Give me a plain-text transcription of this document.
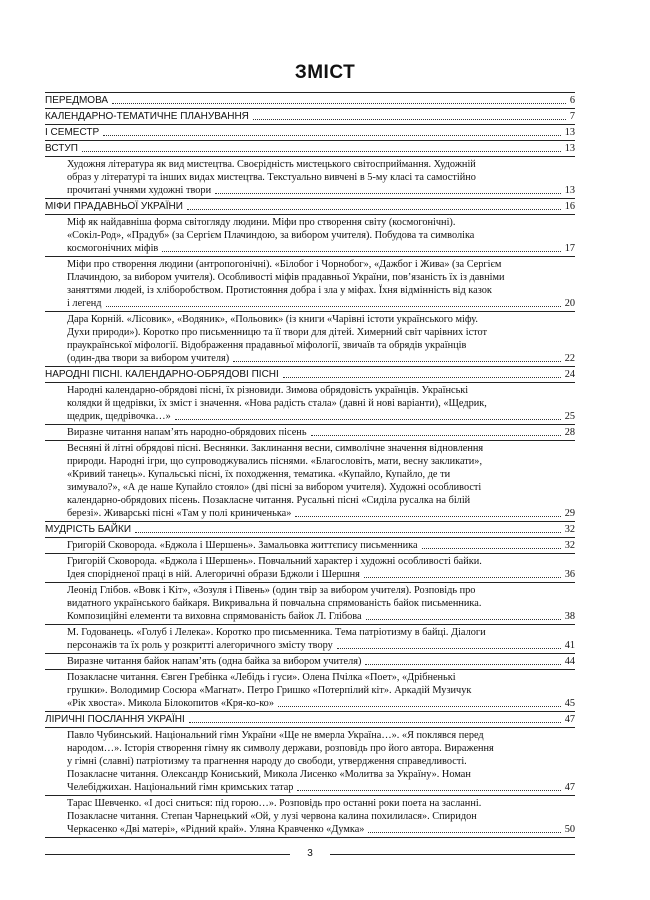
ЗМІСТ
ПЕРЕДМОВА	6
КАЛЕНДАРНО-ТЕМАТИЧНЕ ПЛАНУВАННЯ	7
І СЕМЕСТР	13
ВСТУП	13
Художня література як вид мистецтва. Своєрідність мистецького світосприймання. Художній
образ у літературі та інших видах мистецтва. Текстуально вивчені в 5-му класі та самостійно
прочитані учнями художні твори	13
МІФИ ПРАДАВНЬОЇ УКРАЇНИ	16
Міф як найдавніша форма світогляду людини. Міфи про створення світу (космогонічні).
«Сокіл-Род», «Прадуб» (за Сергієм Плачиндою, за вибором учителя). Побудова та символіка
космогонічних міфів	17
Міфи про створення людини (антропогонічні). «Білобог і Чорнобог», «Дажбог і Жива» (за Сергієм
Плачиндою, за вибором учителя). Особливості міфів прадавньої України, пов’язаність їх із давніми
заняттями людей, із хліборобством. Протистояння добра і зла у міфах. Їхня відмінність від казок
і легенд	20
Дара Корній. «Лісовик», «Водяник», «Польовик» (із книги «Чарівні істоти українського міфу.
Духи природи»). Коротко про письменницю та її твори для дітей. Химерний світ чарівних істот
праукраїнської міфології. Відображення прадавньої міфології, звичаїв та обрядів українців
(один-два твори за вибором учителя)	22
НАРОДНІ ПІСНІ. КАЛЕНДАРНО-ОБРЯДОВІ ПІСНІ	24
Народні календарно-обрядові пісні, їх різновиди. Зимова обрядовість українців. Українські
колядки й щедрівки, їх зміст і значення. «Нова радість стала» (давні й нові варіанти), «Щедрик,
щедрик, щедрівочка…»	25
Виразне читання напам’ять народно-обрядових пісень	28
Весняні й літні обрядові пісні. Веснянки. Заклинання весни, символічне значення відновлення
природи. Народні ігри, що супроводжувались піснями. «Благословіть, мати, весну закликати»,
«Кривий танець». Купальські пісні, їх походження, тематика. «Купайло, Купайло, де ти
зимувало?», «А де наше Купайло стояло» (дві пісні за вибором учителя). Художні особливості
календарно-обрядових пісень. Позакласне читання. Русальні пісні «Сиділа русалка на білій
березі». Живарські пісні «Там у полі криниченька»	29
МУДРІСТЬ БАЙКИ	32
Григорій Сковорода. «Бджола і Шершень». Замальовка життєпису письменника	32
Григорій Сковорода. «Бджола і Шершень». Повчальний характер і художні особливості байки.
Ідея спорідненої праці в ній. Алегоричні образи Бджоли і Шершня	36
Леонід Глібов. «Вовк і Кіт», «Зозуля і Півень» (один твір за вибором учителя). Розповідь про
видатного українського байкаря. Викривальна й повчальна спрямованість байок письменника.
Композиційні елементи та виховна спрямованість байок Л. Глібова	38
М. Годованець. «Голуб і Лелека». Коротко про письменника. Тема патріотизму в байці. Діалоги
персонажів та їх роль у розкритті алегоричного змісту твору	41
Виразне читання байок напам’ять (одна байка за вибором учителя)	44
Позакласне читання. Євген Гребінка «Лебідь і гуси». Олена Пчілка «Поет», «Дрібненькі
грушки». Володимир Сосюра «Магнат». Петро Гришко «Потерпілий кіт». Аркадій Музичук
«Рік хвоста». Микола Білокопитов «Кря-ко-ко»	45
ЛІРИЧНІ ПОСЛАННЯ УКРАЇНІ	47
Павло Чубинський. Національний гімн України «Ще не вмерла Україна…». «Я поклявся перед
народом…». Історія створення гімну як символу держави, розповідь про його автора. Вираження
у гімні (славні) патріотизму та прагнення народу до свободи, утвердження справедливості.
Позакласне читання. Олександр Кониський, Микола Лисенко «Молитва за Україну». Номан
Челебіджихан. Національний гімн кримських татар	47
Тарас Шевченко. «І досі сниться: під горою…». Розповідь про останні роки поета на засланні.
Позакласне читання. Степан Чарнецький «Ой, у лузі червона калина похилилася». Спиридон
Черкасенко «Дві матері», «Рідний край». Уляна Кравченко «Думка»	50
3
